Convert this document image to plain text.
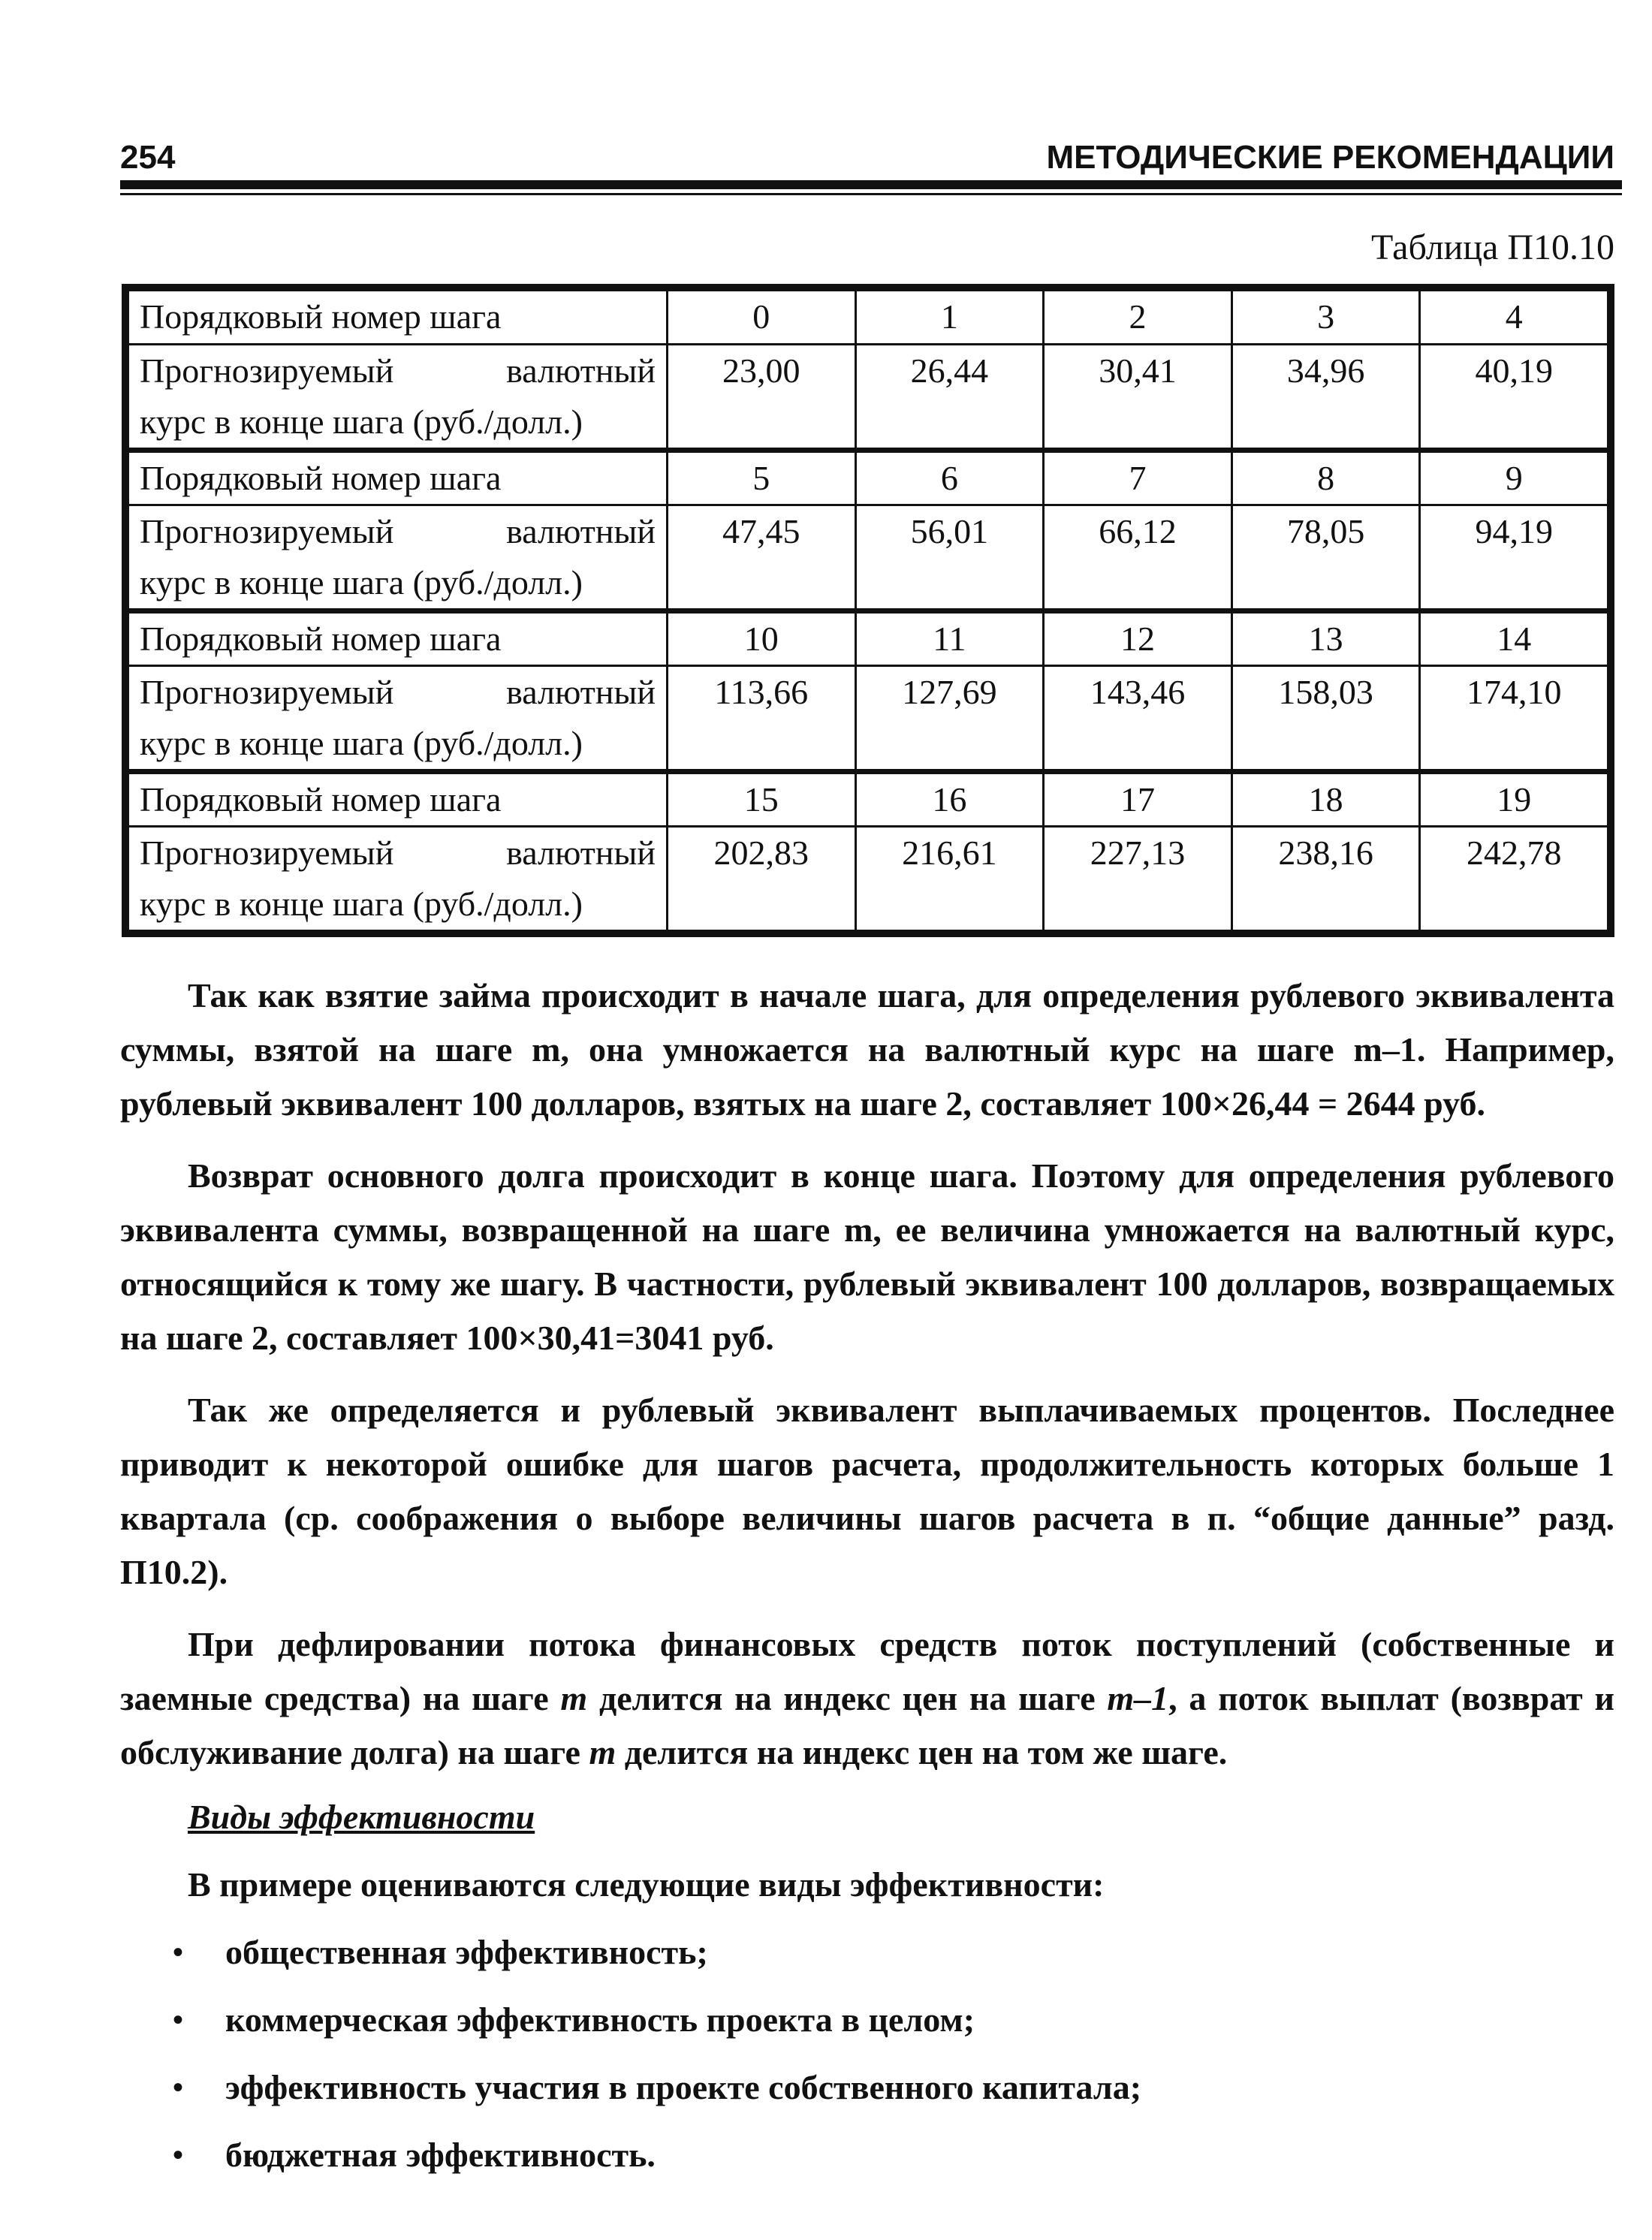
254	МЕТОДИЧЕСКИЕ РЕКОМЕНДАЦИИ
Таблица П10.10
Порядковый номер шага	0	1	2	3	4

Прогнозируемый валютный
курс в конце шага (руб./долл.)	23,00	26,44	30,41	34,96	40,19
Порядковый номер шага	5	6	7	8	9

Прогнозируемый валютный
курс в конце шага (руб./долл.)	47,45	56,01	66,12	78,05	94,19
Порядковый номер шага	10	11	12	13	14

Прогнозируемый валютный
курс в конце шага (руб./долл.)	113,66	127,69	143,46	158,03	174,10
Порядковый номер шага	15	16	17	18	19

Прогнозируемый валютный
курс в конце шага (руб./долл.)	202,83	216,61	227,13	238,16	242,78

Так как взятие займа происходит в начале шага, для определения рублевого эквивалента суммы, взятой на шаге m, она умножается на валютный курс на шаге m–1. Например, рублевый эквивалент 100 долларов, взятых на шаге 2, составляет 100×26,44 = 2644 руб.

Возврат основного долга происходит в конце шага. Поэтому для определения рублевого эквивалента суммы, возвращенной на шаге m, ее величина умножается на валютный курс, относящийся к тому же шагу. В частности, рублевый эквивалент 100 долларов, возвращаемых на шаге 2, составляет 100×30,41=3041 руб.

Так же определяется и рублевый эквивалент выплачиваемых процентов. Последнее приводит к некоторой ошибке для шагов расчета, продолжительность которых больше 1 квартала (ср. соображения о выборе величины шагов расчета в п. “общие данные” разд. П10.2).

При дефлировании потока финансовых средств поток поступлений (собственные и заемные средства) на шаге m делится на индекс цен на шаге m–1, а поток выплат (возврат и обслуживание долга) на шаге m делится на индекс цен на том же шаге.

Виды эффективности
В примере оцениваются следующие виды эффективности:
• общественная эффективность;
• коммерческая эффективность проекта в целом;
• эффективность участия в проекте собственного капитала;
• бюджетная эффективность.
